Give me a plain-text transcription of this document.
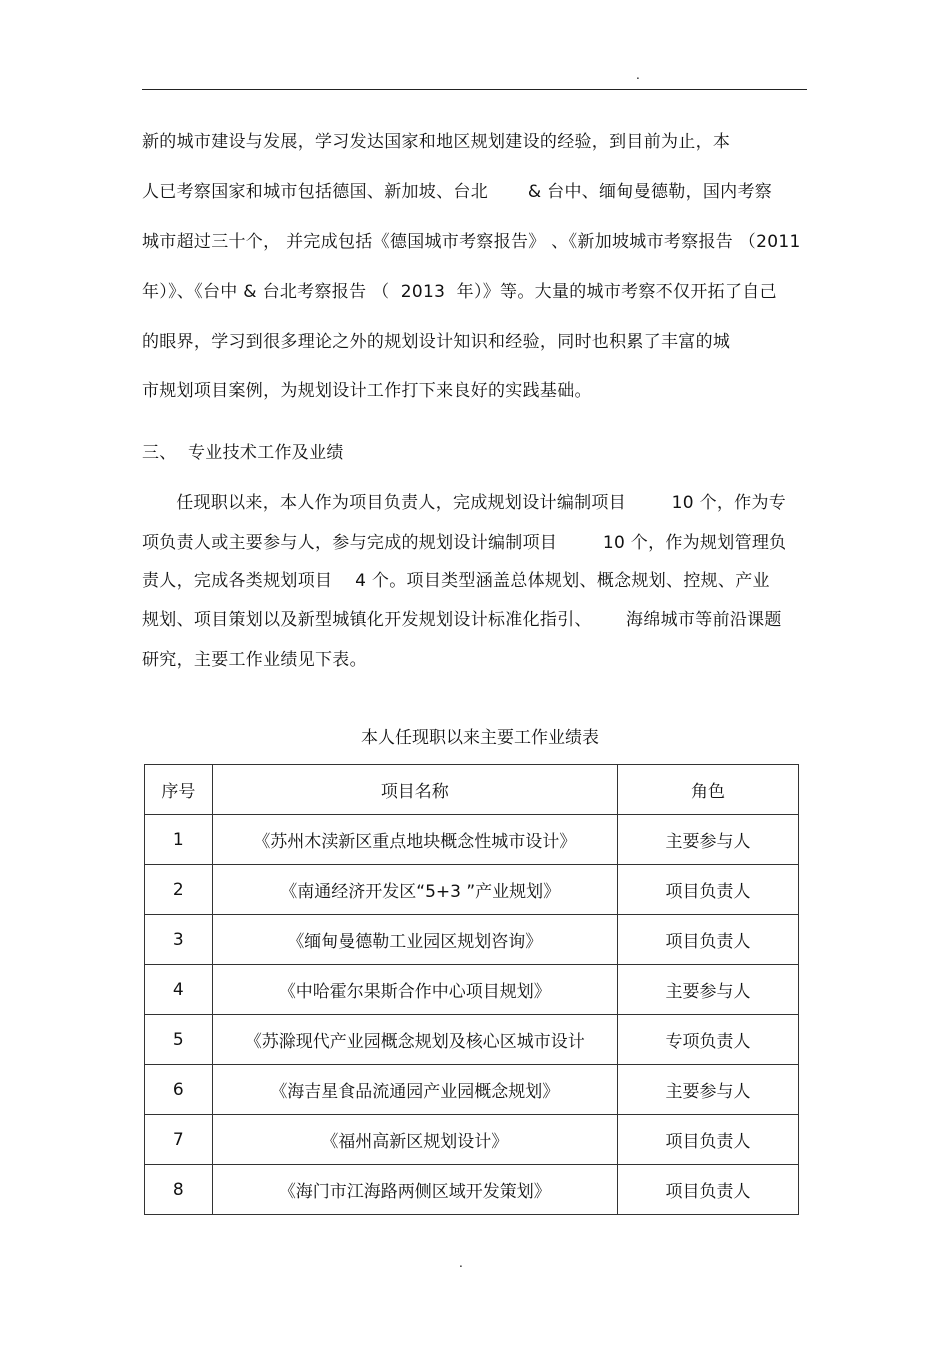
.
新的城市建设与发展，学习发达国家和地区规划建设的经验，到目前为止，本
人已考察国家和城市包括德国、新加坡、台北       & 台中、缅甸曼德勒，国内考察
城市超过三十个， 并完成包括《德国城市考察报告》 、《新加坡城市考察报告 （2011
年）》、《台中 & 台北考察报告 （  2013  年）》等。大量的城市考察不仅开拓了自己
的眼界，学习到很多理论之外的规划设计知识和经验，同时也积累了丰富的城
市规划项目案例，为规划设计工作打下来良好的实践基础。
三、  专业技术工作及业绩
任现职以来，本人作为项目负责人，完成规划设计编制项目        10 个，作为专
项负责人或主要参与人，参与完成的规划设计编制项目        10 个，作为规划管理负
责人，完成各类规划项目    4 个。项目类型涵盖总体规划、概念规划、控规、产业
规划、项目策划以及新型城镇化开发规划设计标准化指引、      海绵城市等前沿课题
研究，主要工作业绩见下表。
本人任现职以来主要工作业绩表
序号	项目名称	角色
1	《苏州木渎新区重点地块概念性城市设计》	主要参与人
2	《南通经济开发区“5+3 ”产业规划》	项目负责人
3	《缅甸曼德勒工业园区规划咨询》	项目负责人
4	《中哈霍尔果斯合作中心项目规划》	主要参与人
5	《苏滁现代产业园概念规划及核心区城市设计	专项负责人
6	《海吉星食品流通园产业园概念规划》	主要参与人
7	《福州高新区规划设计》	项目负责人
8	《海门市江海路两侧区域开发策划》	项目负责人
.
